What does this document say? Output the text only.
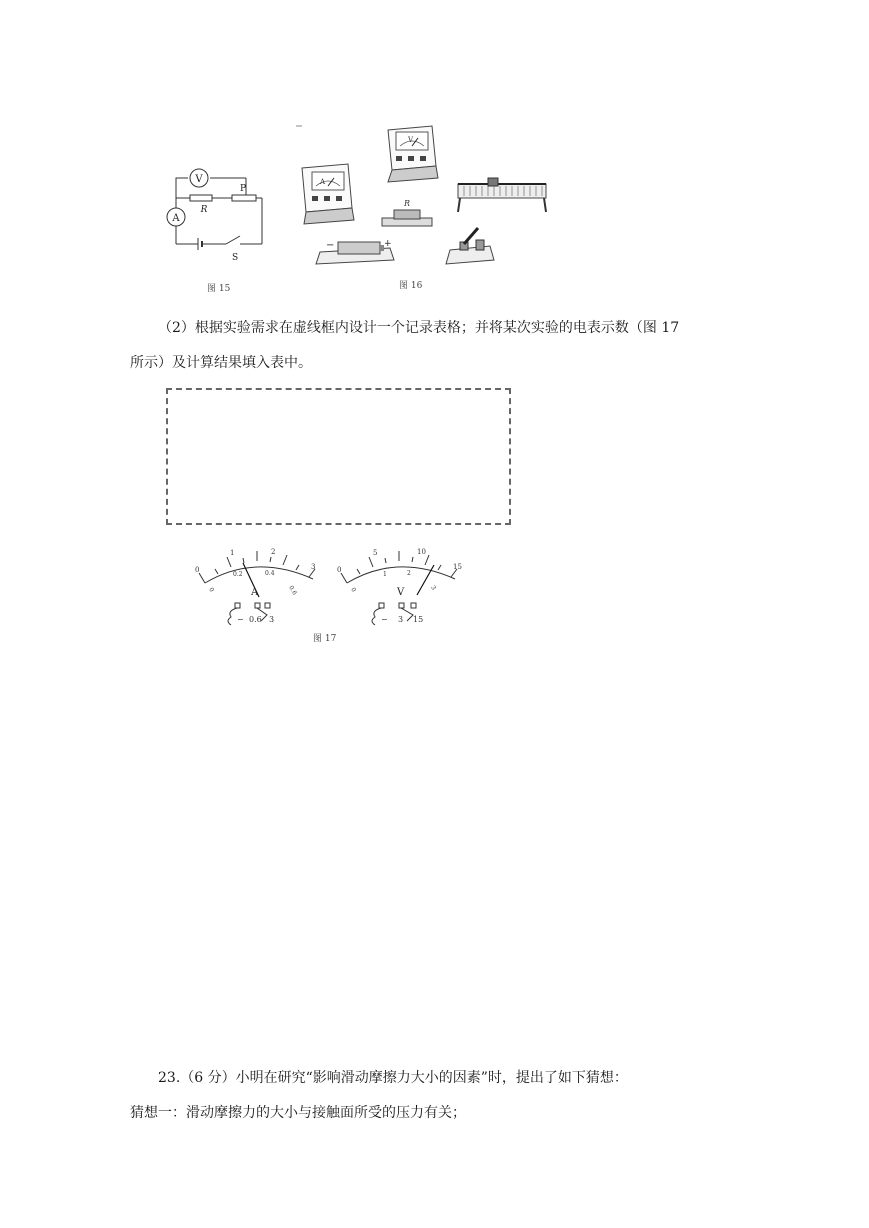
V
A
R
P
S
图 15
A
V
R
−	+
图 16
（2）根据实验需求在虚线框内设计一个记录表格；并将某次实验的电表示数（图 17
所示）及计算结果填入表中。
0
1	2
3
0
0.2	0.4
0.6
A
− 0.6 3
0
5	10
15
0
1	2
3
V
− 3 15
图 17
23.（6 分）小明在研究“影响滑动摩擦力大小的因素”时，提出了如下猜想：
猜想一：滑动摩擦力的大小与接触面所受的压力有关；
